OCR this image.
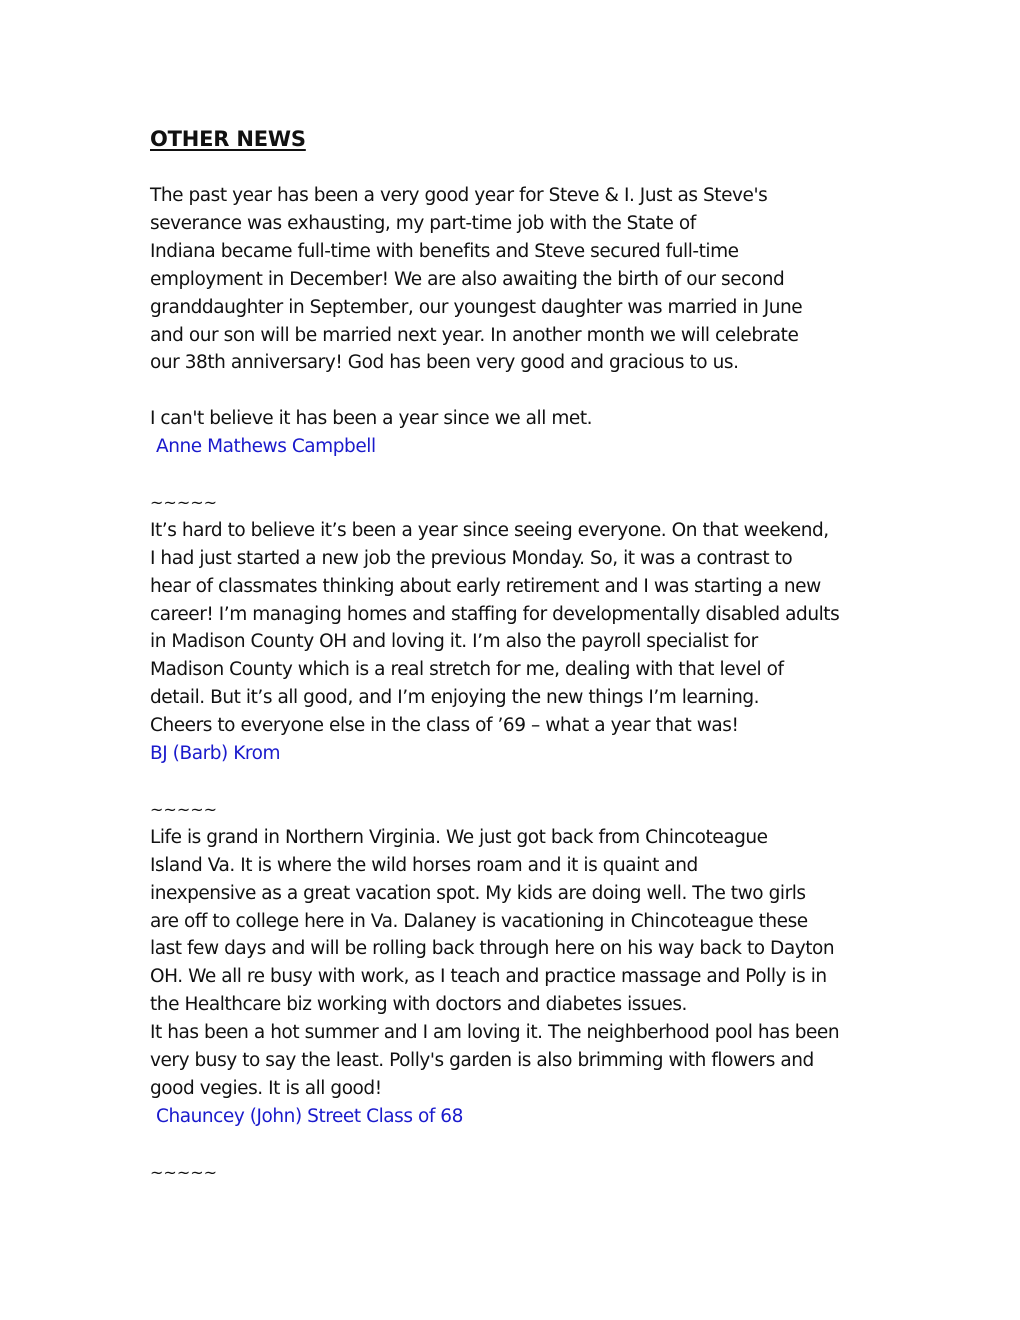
OTHER NEWS
The past year has been a very good year for Steve & I. Just as Steve's
severance was exhausting, my part-time job with the State of
Indiana became full-time with benefits and Steve secured full-time
employment in December! We are also awaiting the birth of our second
granddaughter in September, our youngest daughter was married in June
and our son will be married next year. In another month we will celebrate
our 38th anniversary! God has been very good and gracious to us.
I can't believe it has been a year since we all met.
Anne Mathews Campbell
~~~~~
It’s hard to believe it’s been a year since seeing everyone. On that weekend,
I had just started a new job the previous Monday. So, it was a contrast to
hear of classmates thinking about early retirement and I was starting a new
career! I’m managing homes and staffing for developmentally disabled adults
in Madison County OH and loving it. I’m also the payroll specialist for
Madison County which is a real stretch for me, dealing with that level of
detail. But it’s all good, and I’m enjoying the new things I’m learning.
Cheers to everyone else in the class of ’69 – what a year that was!
BJ (Barb) Krom
~~~~~
Life is grand in Northern Virginia. We just got back from Chincoteague
Island Va. It is where the wild horses roam and it is quaint and
inexpensive as a great vacation spot. My kids are doing well. The two girls
are off to college here in Va. Dalaney is vacationing in Chincoteague these
last few days and will be rolling back through here on his way back to Dayton
OH. We all re busy with work, as I teach and practice massage and Polly is in
the Healthcare biz working with doctors and diabetes issues.
It has been a hot summer and I am loving it. The neighberhood pool has been
very busy to say the least. Polly's garden is also brimming with flowers and
good vegies. It is all good!
Chauncey (John) Street Class of 68
~~~~~
